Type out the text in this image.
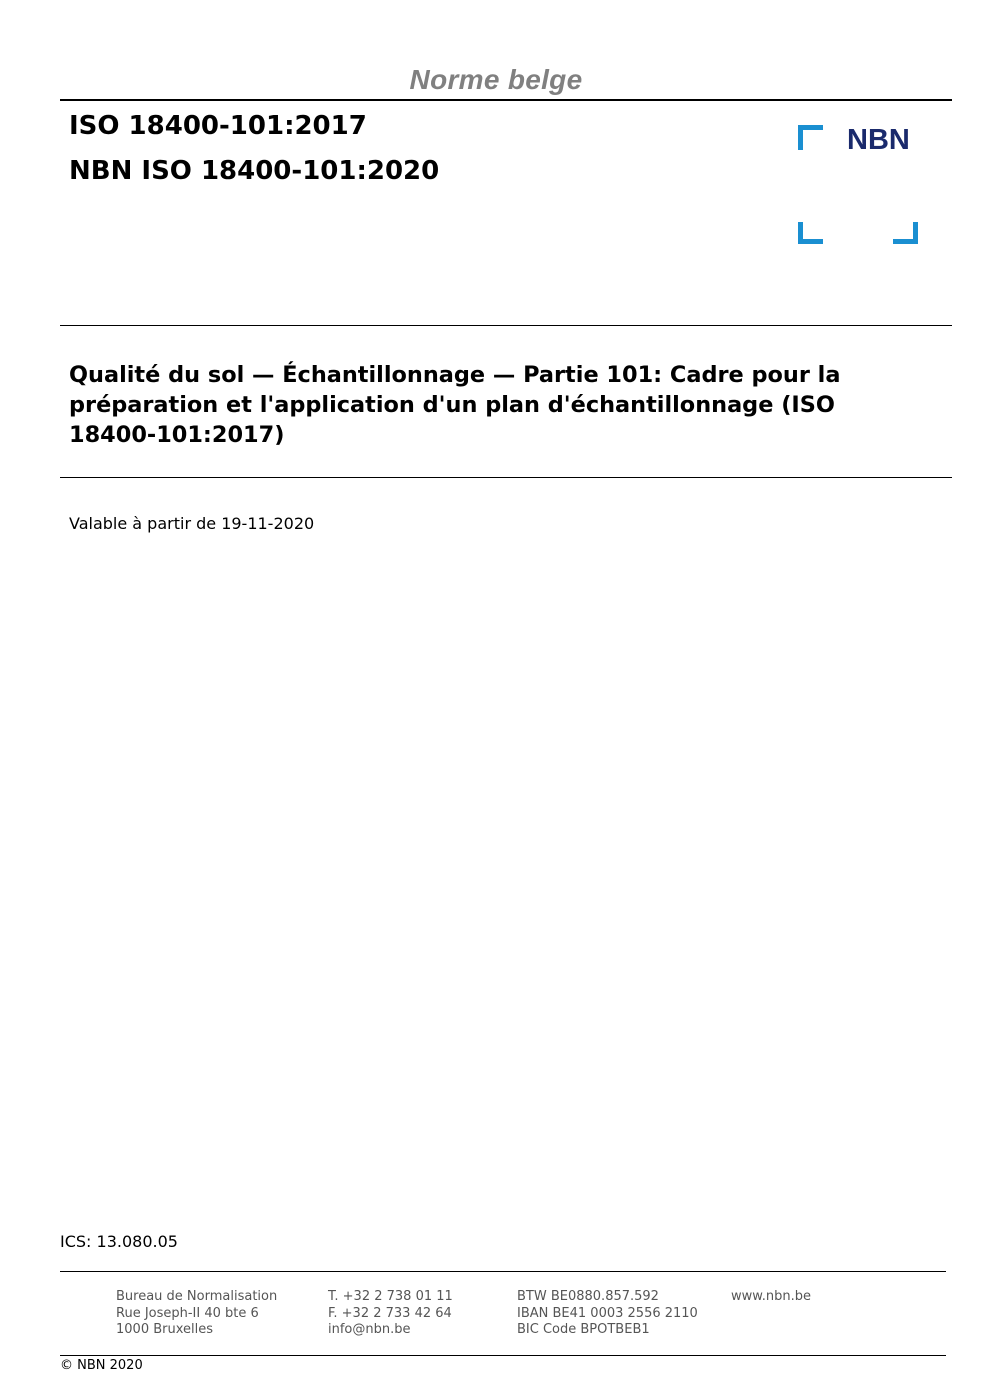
Norme belge
ISO 18400-101:2017
NBN ISO 18400-101:2020
NBN
Qualité du sol — Échantillonnage — Partie 101: Cadre pour la
préparation et l'application d'un plan d'échantillonnage (ISO
18400-101:2017)
Valable à partir de 19-11-2020
ICS: 13.080.05
Bureau de Normalisation
Rue Joseph-II 40 bte 6
1000 Bruxelles
T. +32 2 738 01 11
F. +32 2 733 42 64
info@nbn.be
BTW BE0880.857.592
IBAN BE41 0003 2556 2110
BIC Code BPOTBEB1
www.nbn.be
© NBN 2020
